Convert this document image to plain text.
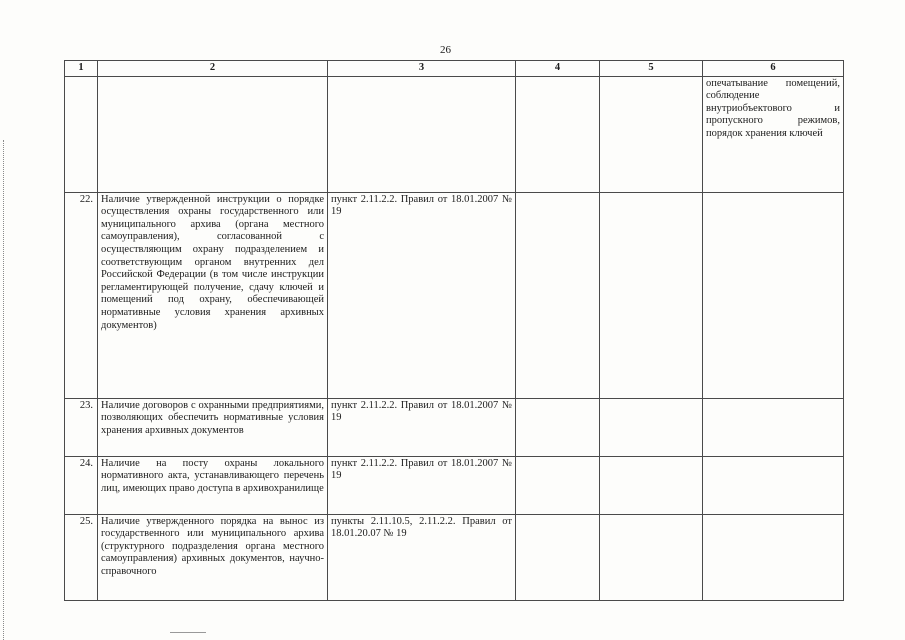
26
1	2	3	4	5	6
					опечатывание помещений, соблюдение внутриобъектового и пропускного режимов, порядок хранения ключей
22.	Наличие утвержденной инструкции о порядке осуществления охраны государственного или муниципального архива (органа местного самоуправления), согласованной с осуществляющим охрану подразделением и соответствующим органом внутренних дел Российской Федерации (в том числе инструкции регламентирующей получение, сдачу ключей и помещений под охрану, обеспечивающей нормативные условия хранения архивных документов)	пункт 2.11.2.2. Правил от 18.01.2007 № 19			
23.	Наличие договоров с охранными предприятиями, позволяющих обеспечить нормативные условия хранения архивных документов	пункт 2.11.2.2. Правил от 18.01.2007 № 19			
24.	Наличие на посту охраны локального нормативного акта, устанавливающего перечень лиц, имеющих право доступа в архивохранилище	пункт 2.11.2.2. Правил от 18.01.2007 № 19			
25.	Наличие утвержденного порядка на вынос из государственного или муниципального архива (структурного подразделения органа местного самоуправления) архивных документов, научно-справочного	пункты 2.11.10.5, 2.11.2.2. Правил от 18.01.20.07 № 19			
